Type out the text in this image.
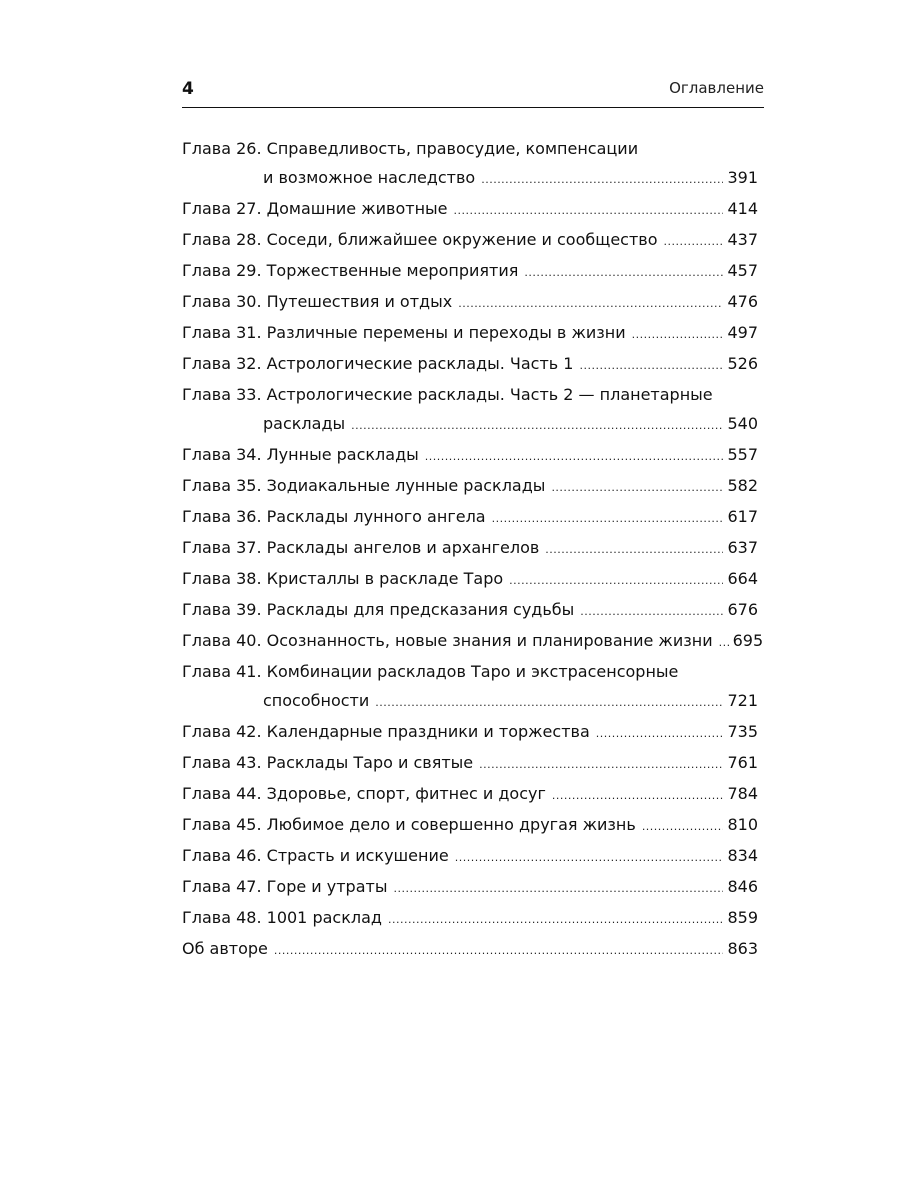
4	Оглавление
Глава 26. Справедливость, правосудие, компенсации
и возможное наследство .....	391
Глава 27. Домашние животные .....	414
Глава 28. Соседи, ближайшее окружение и сообщество .....	437
Глава 29. Торжественные мероприятия .....	457
Глава 30. Путешествия и отдых .....	476
Глава 31. Различные перемены и переходы в жизни .....	497
Глава 32. Астрологические расклады. Часть 1 .....	526
Глава 33. Астрологические расклады. Часть 2 — планетарные
расклады .....	540
Глава 34. Лунные расклады .....	557
Глава 35. Зодиакальные лунные расклады .....	582
Глава 36. Расклады лунного ангела .....	617
Глава 37. Расклады ангелов и архангелов .....	637
Глава 38. Кристаллы в раскладе Таро .....	664
Глава 39. Расклады для предсказания судьбы .....	676
Глава 40. Осознанность, новые знания и планирование жизни ..... 695
Глава 41. Комбинации раскладов Таро и экстрасенсорные
способности .....	721
Глава 42. Календарные праздники и торжества .....	735
Глава 43. Расклады Таро и святые .....	761
Глава 44. Здоровье, спорт, фитнес и досуг .....	784
Глава 45. Любимое дело и совершенно другая жизнь .....	810
Глава 46. Страсть и искушение .....	834
Глава 47. Горе и утраты .....	846
Глава 48. 1001 расклад .....	859
Об авторе .....	863
